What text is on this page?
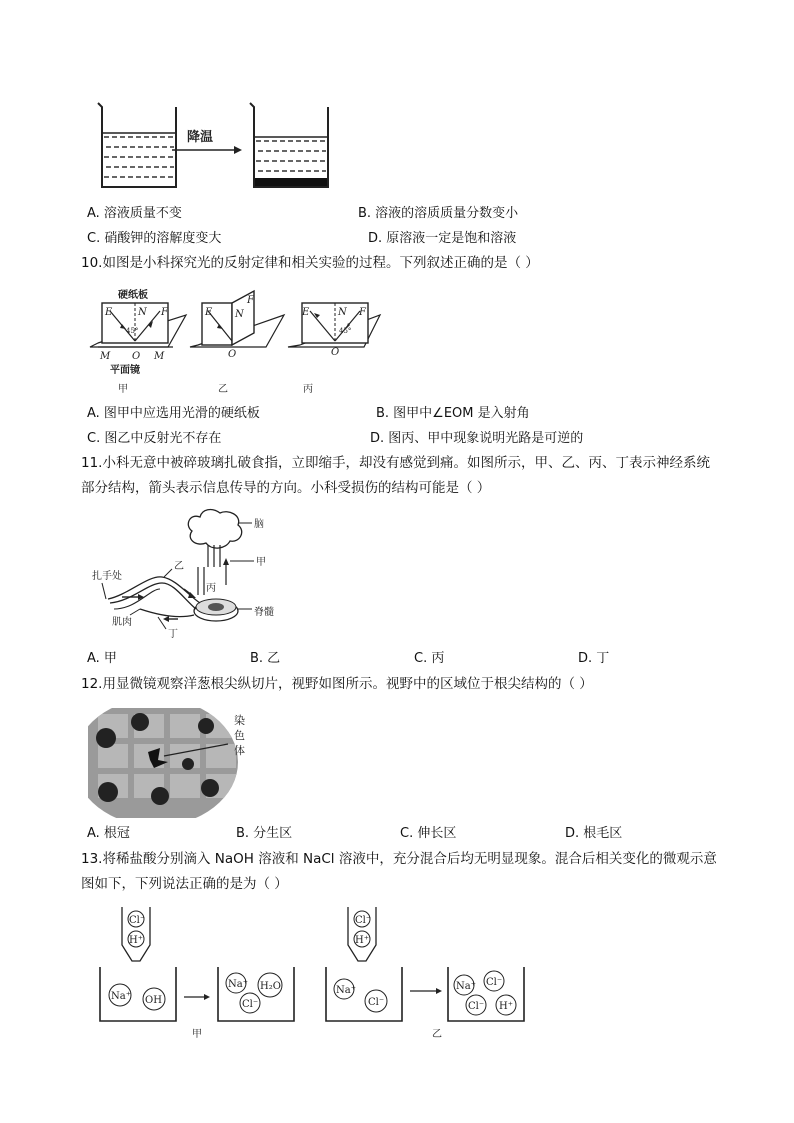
降温
A. 溶液质量不变	B. 溶液的溶质质量分数变小
C. 硝酸钾的溶解度变大	D. 原溶液一定是饱和溶液
10.如图是小科探究光的反射定律和相关实验的过程。下列叙述正确的是（ ）
硬纸板
E	N F
45°
M O M
平面镜
甲
E N
F
O
乙
E	N F
45°
O
丙
A. 图甲中应选用光滑的硬纸板	B. 图甲中∠EOM 是入射角
C. 图乙中反射光不存在	D. 图丙、甲中现象说明光路是可逆的
11.小科无意中被碎玻璃扎破食指，立即缩手，却没有感觉到痛。如图所示，甲、乙、丙、丁表示神经系统
部分结构，箭头表示信息传导的方向。小科受损伤的结构可能是（ ）
脑
甲
脊髓
丙
乙
丁
扎手处
肌肉
A. 甲	B. 乙	C. 丙	D. 丁
12.用显微镜观察洋葱根尖纵切片，视野如图所示。视野中的区域位于根尖结构的（ ）
染
色
体
A. 根冠	B. 分生区	C. 伸长区	D. 根毛区
13.将稀盐酸分别滴入 NaOH 溶液和 NaCl 溶液中，充分混合后均无明显现象。混合后相关变化的微观示意
图如下，下列说法正确的是为（ ）
Cl⁻
H⁺
Na⁺ OH
Na⁺ H₂O
Cl⁻
甲
Cl⁻
H⁺
Na⁺
Cl⁻
Na⁺ Cl⁻
Cl⁻ H⁺
乙
